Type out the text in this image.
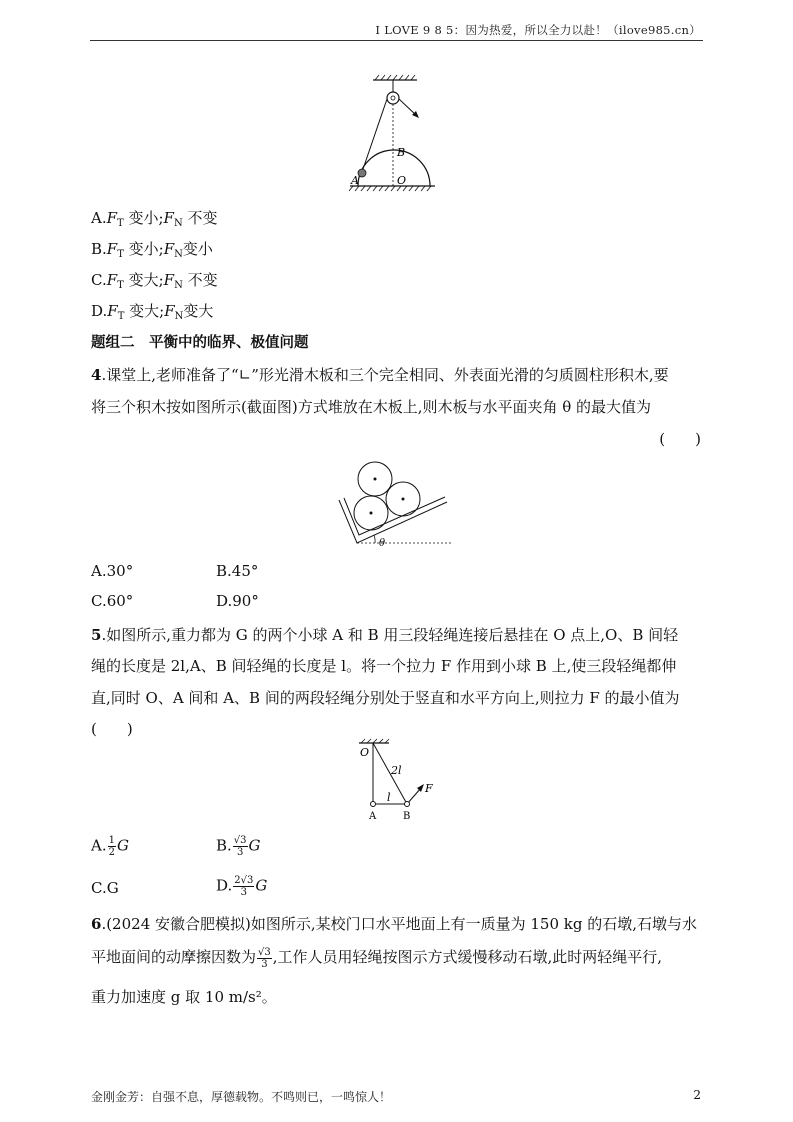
I LOVE 9 8 5：因为热爱，所以全力以赴！（ilove985.cn）
B
A	O
$A.F_T$ 变小$;F_N$ 不变
$B.F_T$ 变小$;F_N$变小
$C.F_T$ 变大$;F_N$ 不变
$D.F_T$ 变大$;F_N$变大
题组二　平衡中的临界、极值问题
4.课堂上,老师准备了“∟”形光滑木板和三个完全相同、外表面光滑的匀质圆柱形积木,要
将三个积木按如图所示(截面图)方式堆放在木板上,则木板与水平面夹角 θ 的最大值为
(　　)
θ
A.30°	B.45°
C.60°	D.90°
5.如图所示,重力都为 G 的两个小球 A 和 B 用三段轻绳连接后悬挂在 O 点上,O、B 间轻
绳的长度是 2l,A、B 间轻绳的长度是 l。将一个拉力 F 作用到小球 B 上,使三段轻绳都伸
直,同时 O、A 间和 A、B 间的两段轻绳分别处于竖直和水平方向上,则拉力 F 的最小值为
(　　)
O
2l
l
F
A	B
A. $\frac{1}{2}$ G	B. $\frac{√3}{3}$ G
C.G	D. $\frac{2√3}{3}$ G
6.(2024 安徽合肥模拟)如图所示,某校门口水平地面上有一质量为 150 kg 的石墩,石墩与水
平地面间的动摩擦因数为 $\frac{√3}{3}$ ,工作人员用轻绳按图示方式缓慢移动石墩,此时两轻绳平行,
重力加速度 g 取 10 m/s²。
金刚金芳：自强不息，厚德载物。不鸣则已，一鸣惊人！	2
